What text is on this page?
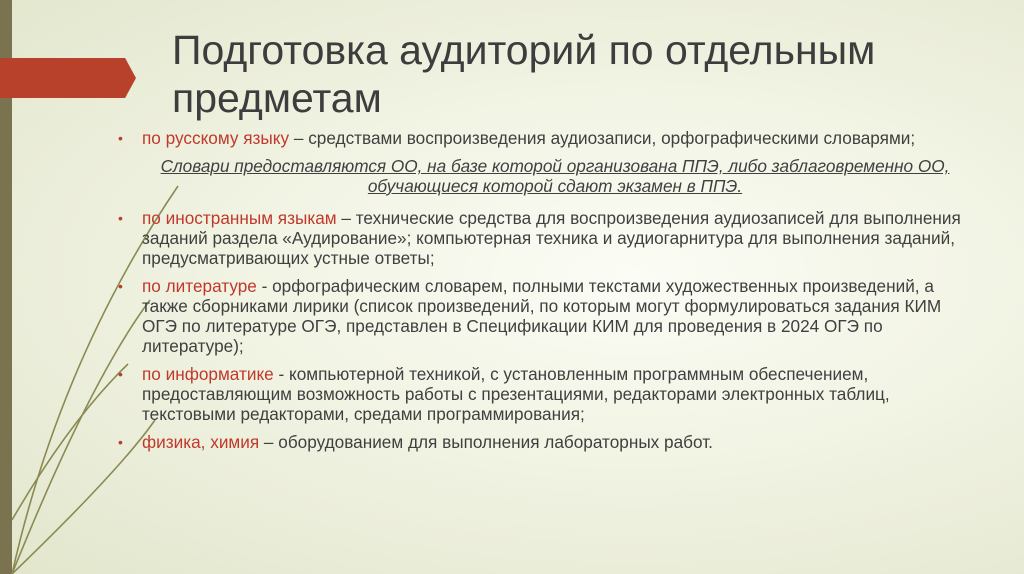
Подготовка аудиторий по отдельным предметам
• по русскому языку – средствами воспроизведения аудиозаписи, орфографическими словарями;
Словари предоставляются ОО, на базе которой организована ППЭ, либо заблаговременно ОО, обучающиеся которой сдают экзамен в ППЭ.
• по иностранным языкам – технические средства для воспроизведения аудиозаписей для выполнения заданий раздела «Аудирование»; компьютерная техника и аудиогарнитура для выполнения заданий, предусматривающих устные ответы;
• по литературе - орфографическим словарем, полными текстами художественных произведений, а также сборниками лирики (список произведений, по которым могут формулироваться задания КИМ ОГЭ по литературе ОГЭ, представлен в Спецификации КИМ для проведения в 2024 ОГЭ по литературе);
• по информатике - компьютерной техникой, с установленным программным обеспечением, предоставляющим возможность работы с презентациями, редакторами электронных таблиц, текстовыми редакторами, средами программирования;
• физика, химия – оборудованием для выполнения лабораторных работ.
